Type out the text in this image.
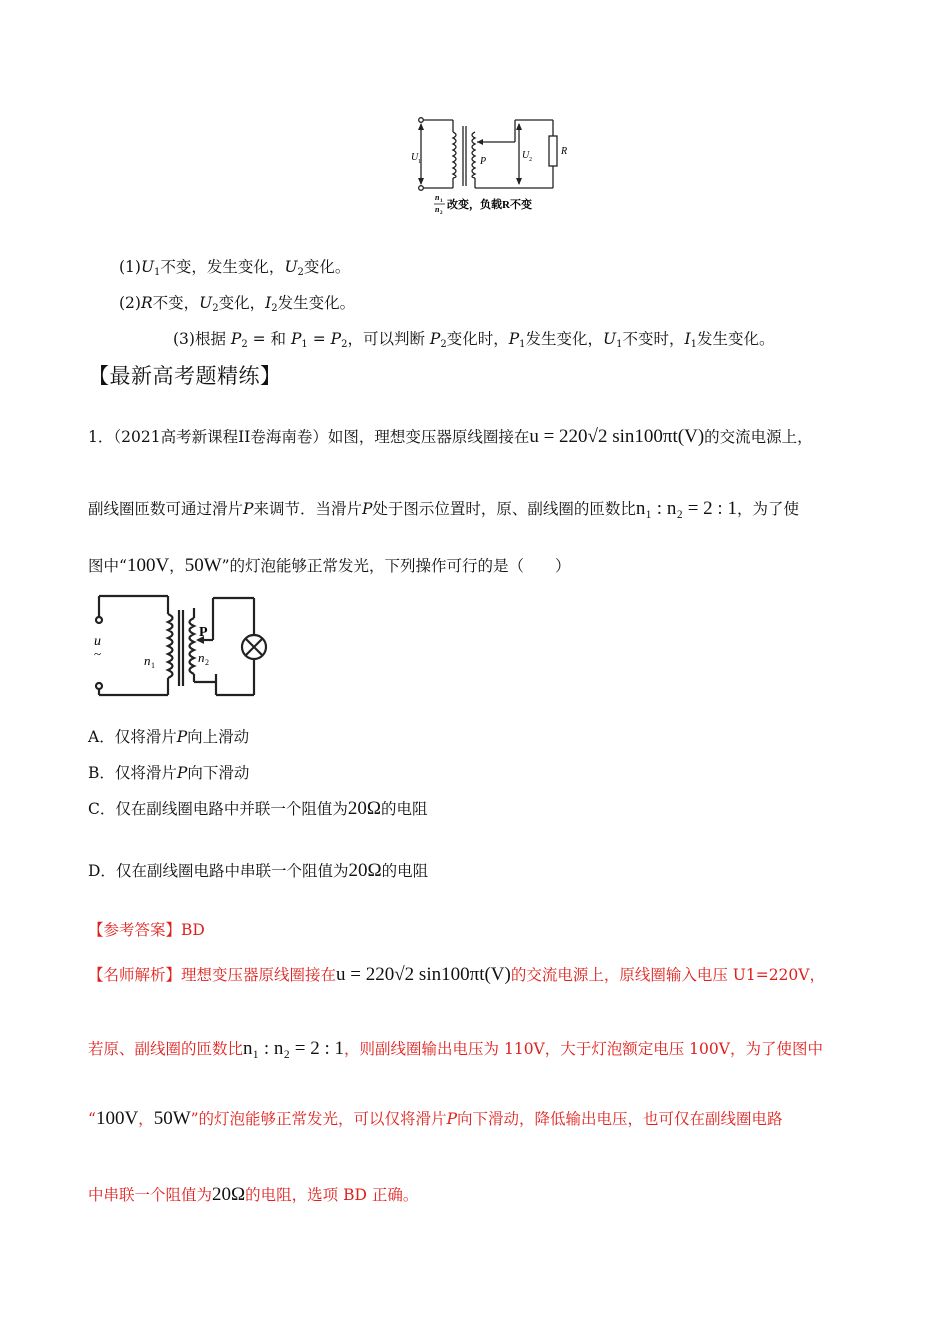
U 1	P
U 2
R
n 1
n 2
改变，负载R不变
$(1)U_1$不变，发生变化，$U_2$变化。
(2)R不变，$U_2$变化，$I_2$发生变化。
(3)根据 $P_2$ = 和 $P_1 = P_2$，可以判断 $P_2$变化时，$P_1$发生变化，$U_1$不变时，$I_1$发生变化。
【最新高考题精练】
1．（2021高考新课程II卷海南卷）如图，理想变压器原线圈接在u = 220√2 sin100πt(V)的交流电源上，
副线圈匝数可通过滑片P来调节．当滑片P处于图示位置时，原、副线圈的匝数比n₁ : n₂ = 2 : 1，为了使
图中“100V，50W”的灯泡能够正常发光，下列操作可行的是（　　）
u
~	n 1
n 2
P
A．仅将滑片P向上滑动
B．仅将滑片P向下滑动
C．仅在副线圈电路中并联一个阻值为20Ω的电阻
D．仅在副线圈电路中串联一个阻值为20Ω的电阻
【参考答案】BD
【名师解析】理想变压器原线圈接在u = 220√2 sin100πt(V)的交流电源上，原线圈输入电压 U1=220V，
若原、副线圈的匝数比n₁ : n₂ = 2 : 1，则副线圈输出电压为 110V，大于灯泡额定电压 100V，为了使图中
“100V，50W”的灯泡能够正常发光，可以仅将滑片P向下滑动，降低输出电压，也可仅在副线圈电路
中串联一个阻值为20Ω的电阻，选项 BD 正确。
